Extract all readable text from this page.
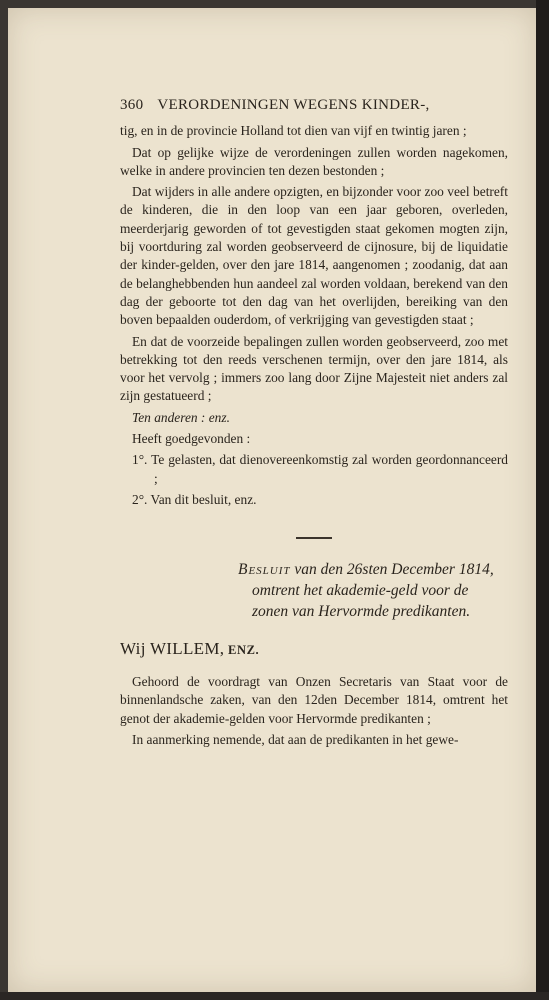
360 VERORDENINGEN WEGENS KINDER-,

tig, en in de provincie Holland tot dien van vijf en twintig jaren ;

Dat op gelijke wijze de verordeningen zullen worden nagekomen, welke in andere provincien ten dezen bestonden ;

Dat wijders in alle andere opzigten, en bijzonder voor zoo veel betreft de kinderen, die in den loop van een jaar geboren, overleden, meerderjarig geworden of tot gevestigden staat gekomen mogten zijn, bij voortduring zal worden geobserveerd de cijnosure, bij de liquidatie der kinder-gelden, over den jare 1814, aangenomen ; zoodanig, dat aan de belanghebbenden hun aandeel zal worden voldaan, berekend van den dag der geboorte tot den dag van het overlijden, bereiking van den boven bepaalden ouderdom, of verkrijging van gevestigden staat ;

En dat de voorzeide bepalingen zullen worden geobserveerd, zoo met betrekking tot den reeds verschenen termijn, over den jare 1814, als voor het vervolg ; immers zoo lang door Zijne Majesteit niet anders zal zijn gestatueerd ;

Ten anderen : enz.

Heeft goedgevonden :

1°. Te gelasten, dat dienovereenkomstig zal worden geordonnanceerd ;

2°. Van dit besluit, enz.

Besluit van den 26sten December 1814, omtrent het akademie-geld voor de zonen van Hervormde predikanten.

Wij WILLEM, ENZ.

Gehoord de voordragt van Onzen Secretaris van Staat voor de binnenlandsche zaken, van den 12den December 1814, omtrent het genot der akademie-gelden voor Hervormde predikanten ;

In aanmerking nemende, dat aan de predikanten in het gewe-
